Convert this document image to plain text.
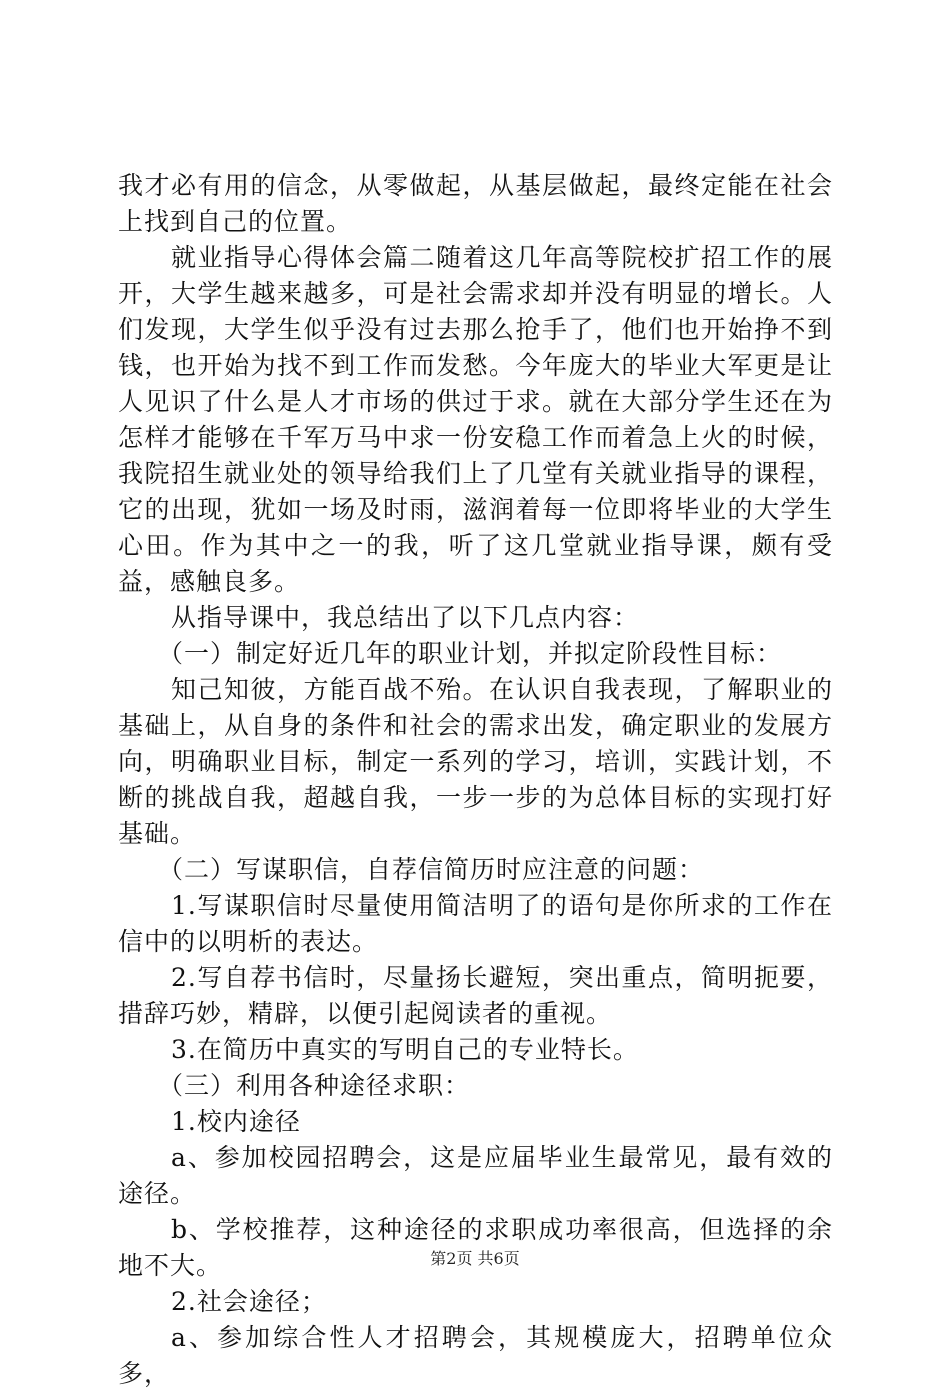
我才必有用的信念，从零做起，从基层做起，最终定能在社会上找到自己的位置。

就业指导心得体会篇二随着这几年高等院校扩招工作的展开，大学生越来越多，可是社会需求却并没有明显的增长。人们发现，大学生似乎没有过去那么抢手了，他们也开始挣不到钱，也开始为找不到工作而发愁。今年庞大的毕业大军更是让人见识了什么是人才市场的供过于求。就在大部分学生还在为怎样才能够在千军万马中求一份安稳工作而着急上火的时候，我院招生就业处的领导给我们上了几堂有关就业指导的课程，它的出现，犹如一场及时雨，滋润着每一位即将毕业的大学生心田。作为其中之一的我，听了这几堂就业指导课，颇有受益，感触良多。

从指导课中，我总结出了以下几点内容：

（一）制定好近几年的职业计划，并拟定阶段性目标：

知己知彼，方能百战不殆。在认识自我表现，了解职业的基础上，从自身的条件和社会的需求出发，确定职业的发展方向，明确职业目标，制定一系列的学习，培训，实践计划，不断的挑战自我，超越自我，一步一步的为总体目标的实现打好基础。

（二）写谋职信，自荐信简历时应注意的问题：

1.写谋职信时尽量使用简洁明了的语句是你所求的工作在信中的以明析的表达。

2.写自荐书信时，尽量扬长避短，突出重点，简明扼要，措辞巧妙，精辟，以便引起阅读者的重视。

3.在简历中真实的写明自己的专业特长。

（三）利用各种途径求职：

1.校内途径

a、参加校园招聘会，这是应届毕业生最常见，最有效的途径。

b、学校推荐，这种途径的求职成功率很高，但选择的余地不大。

2.社会途径；

a、参加综合性人才招聘会，其规模庞大，招聘单位众多，

第2页 共6页
